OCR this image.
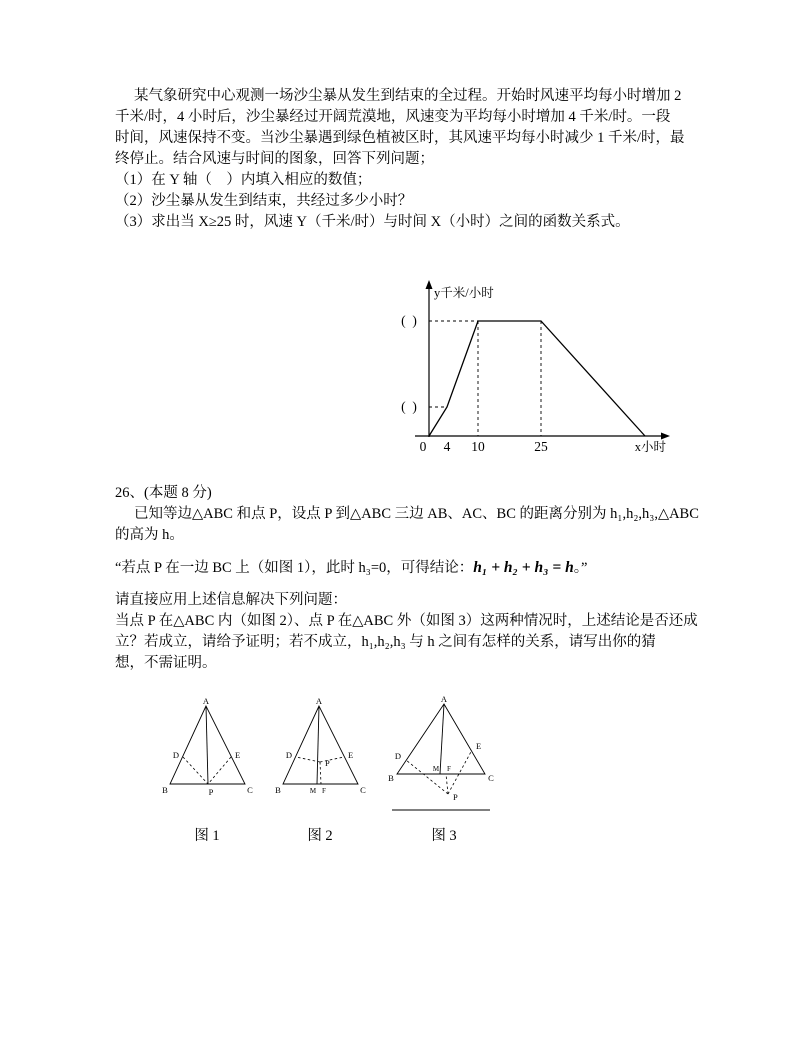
某气象研究中心观测一场沙尘暴从发生到结束的全过程。开始时风速平均每小时增加 2
千米/时，4 小时后，沙尘暴经过开阔荒漠地，风速变为平均每小时增加 4 千米/时。一段
时间，风速保持不变。当沙尘暴遇到绿色植被区时，其风速平均每小时减少 1 千米/时，最
终停止。结合风速与时间的图象，回答下列问题；
（1）在 Y 轴（    ）内填入相应的数值；
（2）沙尘暴从发生到结束，共经过多少小时？
（3）求出当 X≥25 时，风速 Y（千米/时）与时间 X（小时）之间的函数关系式。
y千米/小时
x小时
0 4 10	25
(  )
(  )
26、(本题 8 分)
已知等边△ABC 和点 P，设点 P 到△ABC 三边 AB、AC、BC 的距离分别为 h₁,h₂,h₃,△ABC
的高为 h。
“若点 P 在一边 BC 上（如图 1），此时 h₃=0，可得结论：h₁ + h₂ + h₃ = h。”
请直接应用上述信息解决下列问题：
当点 P 在△ABC 内（如图 2）、点 P 在△ABC 外（如图 3）这两种情况时，上述结论是否还成
立？若成立，请给予证明；若不成立，h₁,h₂,h₃ 与 h 之间有怎样的关系，请写出你的猜
想，不需证明。
A
D	E
B	P	C
A
D	E
P
B	M F	C
A
D
E
B
M F
C
P
图 1	图 2	图 3
